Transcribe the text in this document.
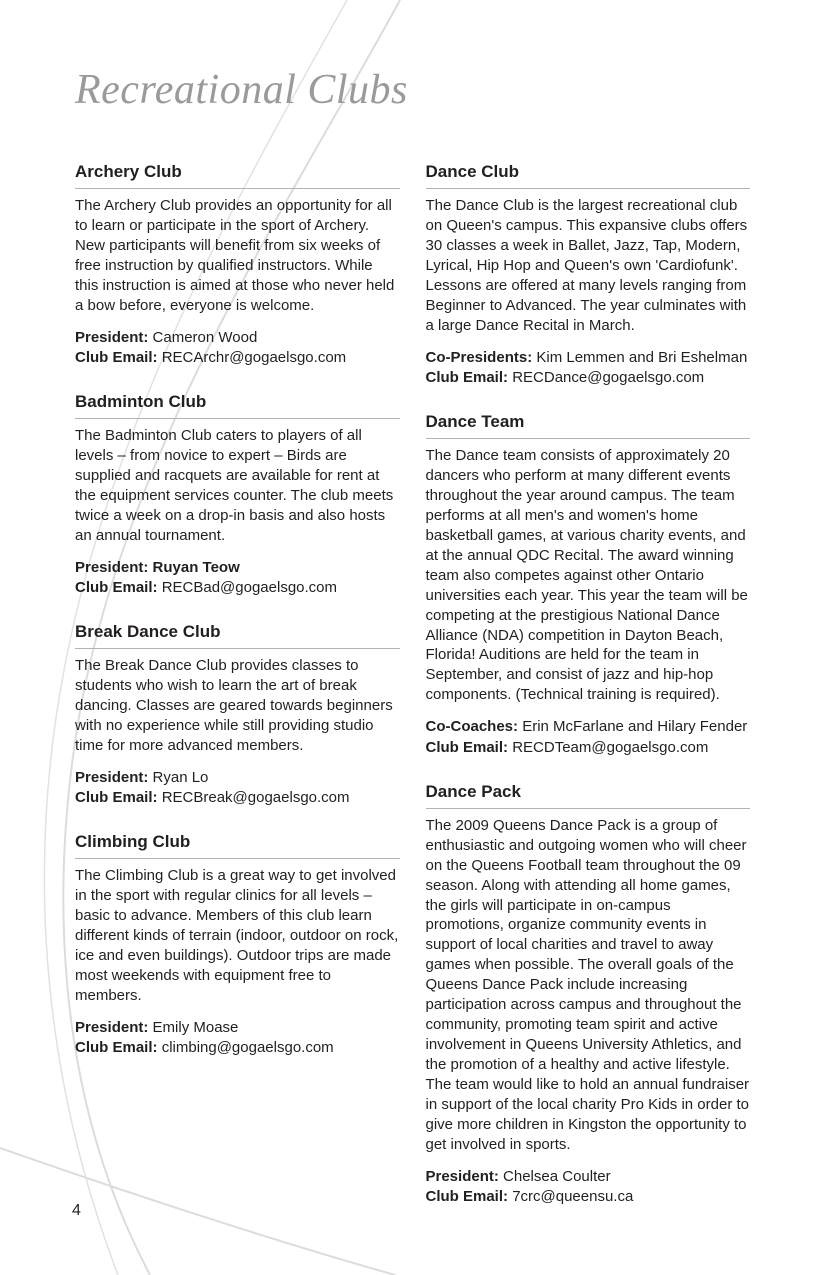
Recreational Clubs
Archery Club

The Archery Club provides an opportunity for all to learn or participate in the sport of Archery. New participants will benefit from six weeks of free instruction by qualified instructors. While this instruction is aimed at those who never held a bow before, everyone is welcome.

President: Cameron Wood
Club Email: RECArchr@gogaelsgo.com
Badminton Club

The Badminton Club caters to players of all levels – from novice to expert – Birds are supplied and racquets are available for rent at the equipment services counter. The club meets twice a week on a drop-in basis and also hosts an annual tournament.

President: Ruyan Teow
Club Email: RECBad@gogaelsgo.com
Break Dance Club

The Break Dance Club provides classes to students who wish to learn the art of break dancing. Classes are geared towards beginners with no experience while still providing studio time for more advanced members.

President: Ryan Lo
Club Email: RECBreak@gogaelsgo.com
Climbing Club

The Climbing Club is a great way to get involved in the sport with regular clinics for all levels – basic to advance. Members of this club learn different kinds of terrain (indoor, outdoor on rock, ice and even buildings). Outdoor trips are made most weekends with equipment free to members.

President: Emily Moase
Club Email: climbing@gogaelsgo.com
Dance Club

The Dance Club is the largest recreational club on Queen's campus. This expansive clubs offers 30 classes a week in Ballet, Jazz, Tap, Modern, Lyrical, Hip Hop and Queen's own 'Cardiofunk'. Lessons are offered at many levels ranging from Beginner to Advanced. The year culminates with a large Dance Recital in March.

Co-Presidents: Kim Lemmen and Bri Eshelman
Club Email: RECDance@gogaelsgo.com
Dance Team

The Dance team consists of approximately 20 dancers who perform at many different events throughout the year around campus. The team performs at all men's and women's home basketball games, at various charity events, and at the annual QDC Recital. The award winning team also competes against other Ontario universities each year. This year the team will be competing at the prestigious National Dance Alliance (NDA) competition in Dayton Beach, Florida! Auditions are held for the team in September, and consist of jazz and hip-hop components. (Technical training is required).

Co-Coaches: Erin McFarlane and Hilary Fender
Club Email: RECDTeam@gogaelsgo.com
Dance Pack

The 2009 Queens Dance Pack is a group of enthusiastic and outgoing women who will cheer on the Queens Football team throughout the 09 season. Along with attending all home games, the girls will participate in on-campus promotions, organize community events in support of local charities and travel to away games when possible. The overall goals of the Queens Dance Pack include increasing participation across campus and throughout the community, promoting team spirit and active involvement in Queens University Athletics, and the promotion of a healthy and active lifestyle. The team would like to hold an annual fundraiser in support of the local charity Pro Kids in order to give more children in Kingston the opportunity to get involved in sports.

President: Chelsea Coulter
Club Email: 7crc@queensu.ca
4
